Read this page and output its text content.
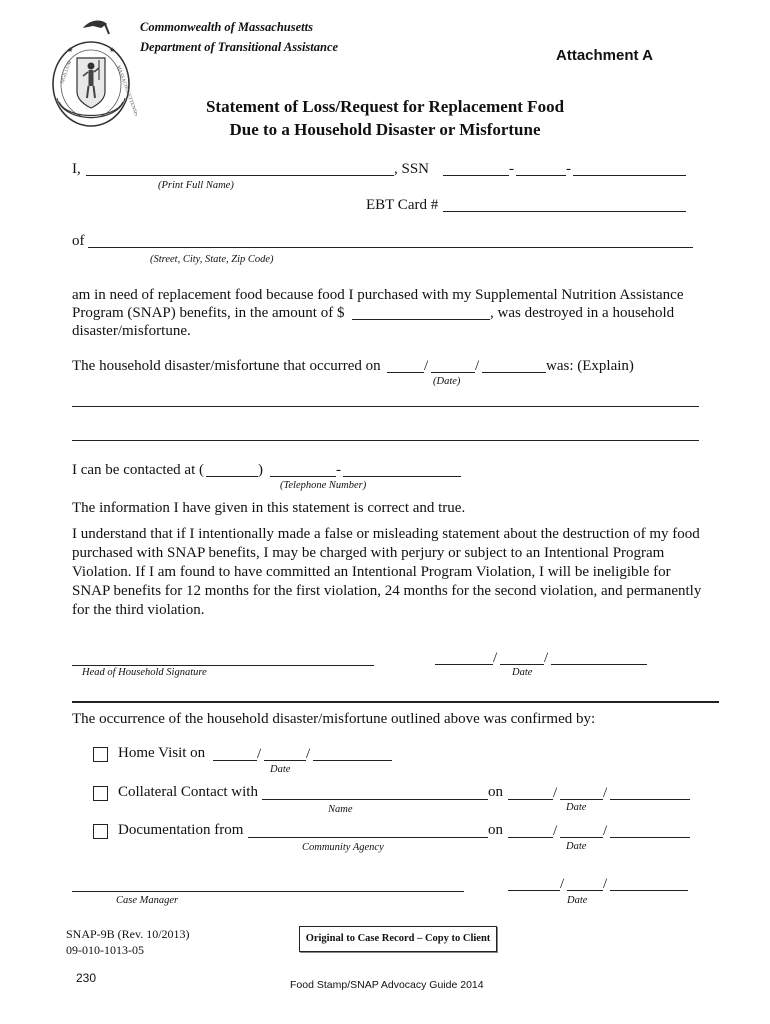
★	★
SIGILLUM	MASSACHUSETTENSIS
Commonwealth of Massachusetts
Department of Transitional Assistance	Attachment A
Statement of Loss/Request for Replacement Food
Due to a Household Disaster or Misfortune
I,	, SSN	-	-
(Print Full Name)
EBT Card #
of
(Street, City, State, Zip Code)
am in need of replacement food because food I purchased with my Supplemental Nutrition Assistance
Program (SNAP) benefits, in the amount of $	, was destroyed in a household
disaster/misfortune.
The household disaster/misfortune that occurred on	/	/	was: (Explain)
(Date)
I can be contacted at (	)	-
(Telephone Number)
The information I have given in this statement is correct and true.
I understand that if I intentionally made a false or misleading statement about the destruction of my food
purchased with SNAP benefits, I may be charged with perjury or subject to an Intentional Program
Violation. If I am found to have committed an Intentional Program Violation, I will be ineligible for
SNAP benefits for 12 months for the first violation, 24 months for the second violation, and permanently
for the third violation.
Head of Household Signature
/	/
Date
The occurrence of the household disaster/misfortune outlined above was confirmed by:
Home Visit on	/	/
Date
Collateral Contact with	on	/	/
Name	Date
Documentation from	on	/	/
Community Agency	Date
Case Manager
/	/
Date
SNAP-9B (Rev. 10/2013)
09-010-1013-05
Original to Case Record – Copy to Client
230	Food Stamp/SNAP Advocacy Guide 2014
